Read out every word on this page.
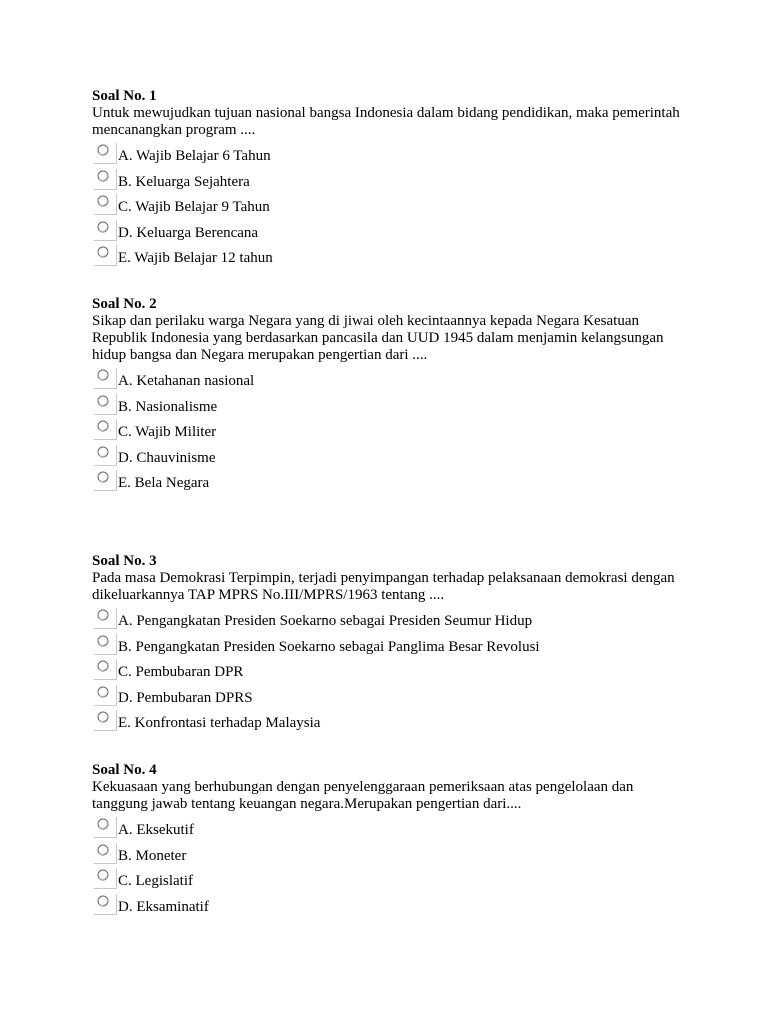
Soal No. 1

Untuk mewujudkan tujuan nasional bangsa Indonesia dalam bidang pendidikan, maka pemerintah mencanangkan program ....

A. Wajib Belajar 6 Tahun
B. Keluarga Sejahtera
C. Wajib Belajar 9 Tahun
D. Keluarga Berencana
E. Wajib Belajar 12 tahun
Soal No. 2

Sikap dan perilaku warga Negara yang di jiwai oleh kecintaannya kepada Negara Kesatuan Republik Indonesia yang berdasarkan pancasila dan UUD 1945 dalam menjamin kelangsungan hidup bangsa dan Negara merupakan pengertian dari ....

A. Ketahanan nasional
B. Nasionalisme
C. Wajib Militer
D. Chauvinisme
E. Bela Negara
Soal No. 3

Pada masa Demokrasi Terpimpin, terjadi penyimpangan terhadap pelaksanaan demokrasi dengan dikeluarkannya TAP MPRS No.III/MPRS/1963 tentang ....

A. Pengangkatan Presiden Soekarno sebagai Presiden Seumur Hidup
B. Pengangkatan Presiden Soekarno sebagai Panglima Besar Revolusi
C. Pembubaran DPR
D. Pembubaran DPRS
E. Konfrontasi terhadap Malaysia
Soal No. 4

Kekuasaan yang berhubungan dengan penyelenggaraan pemeriksaan atas pengelolaan dan tanggung jawab tentang keuangan negara.Merupakan pengertian dari....

A. Eksekutif
B. Moneter
C. Legislatif
D. Eksaminatif
